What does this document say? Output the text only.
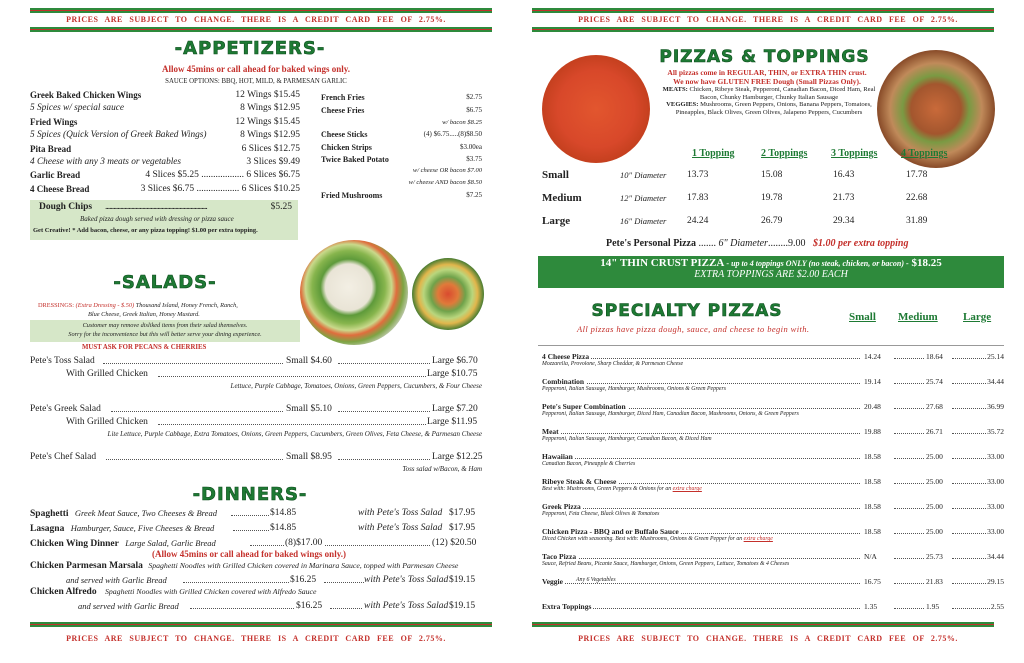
PRICES ARE SUBJECT TO CHANGE. THERE IS A CREDIT CARD FEE OF 2.75%.
-APPETIZERS-
Allow 45mins or call ahead for baked wings only.
SAUCE OPTIONS: BBQ, HOT, MILD, & PARMESAN GARLIC
Greek Baked Chicken Wings	12 Wings $15.45
5 Spices w/ special sauce	8 Wings $12.95
Fried Wings	12 Wings $15.45
5 Spices (Quick Version of Greek Baked Wings)	8 Wings $12.95
Pita Bread	6 Slices $12.75
4 Cheese with any 3 meats or vegetables	3 Slices $9.49
Garlic Bread	4 Slices $5.25 .................. 6 Slices $6.75
4 Cheese Bread	3 Slices $6.75 .................. 6 Slices $10.25
French Fries	$2.75
Cheese Fries	$6.75
w/ bacon $8.25
Cheese Sticks	(4) $6.75.....(8)$8.50
Chicken Strips	$3.00ea
Twice Baked Potato	$3.75
w/ cheese OR bacon $7.00
w/ cheese AND bacon $8.50
Fried Mushrooms	$7.25
Dough Chips ..........................................................................	$5.25
Baked pizza dough served with dressing or pizza sauce
Get Creative! * Add bacon, cheese, or any pizza topping! $1.00 per extra topping.
-SALADS-
DRESSINGS: (Extra Dressing - $.50) Thousand Island, Honey French, Ranch,
Blue Cheese, Greek Italian, Honey Mustard.
Customer may remove disliked items from their salad themselves.
Sorry for the inconvenience but this will better serve your dining experience.
MUST ASK FOR PECANS & CHERRIES
Pete's Toss Salad	Small $4.60	Large $6.70
With Grilled Chicken	Large $10.75
Lettuce, Purple Cabbage, Tomatoes, Onions, Green Peppers, Cucumbers, & Four Cheese
Pete's Greek Salad	Small $5.10	Large $7.20
With Grilled Chicken	Large $11.95
Lite Lettuce, Purple Cabbage, Extra Tomatoes, Onions, Green Peppers, Cucumbers, Green Olives, Feta Cheese, & Parmesan Cheese
Pete's Chef Salad	Small $8.95	Large $12.25
Toss salad w/Bacon, & Ham
-DINNERS-
Spaghetti Greek Meat Sauce, Two Cheeses & Bread	$14.85	with Pete's Toss Salad $17.95
Lasagna Hamburger, Sauce, Five Cheeses & Bread	$14.85	with Pete's Toss Salad $17.95
Chicken Wing Dinner Large Salad, Garlic Bread	(8)$17.00	(12) $20.50
(Allow 45mins or call ahead for baked wings only.)
Chicken Parmesan Marsala Spaghetti Noodles with Grilled Chicken covered in Marinara Sauce, topped with Parmesan Cheese
and served with Garlic Bread	$16.25	with Pete's Toss Salad $19.15
Chicken Alfredo Spaghetti Noodles with Grilled Chicken covered with Alfredo Sauce
and served with Garlic Bread	$16.25	with Pete's Toss Salad $19.15
PRICES ARE SUBJECT TO CHANGE. THERE IS A CREDIT CARD FEE OF 2.75%.
PRICES ARE SUBJECT TO CHANGE. THERE IS A CREDIT CARD FEE OF 2.75%.
PIZZAS & TOPPINGS
All pizzas come in REGULAR, THIN, or EXTRA THIN crust.
We now have GLUTEN FREE Dough (Small Pizzas Only).
MEATS: Chicken, Ribeye Steak, Pepperoni, Canadian Bacon, Diced Ham, Real Bacon, Chunky Hamburger, Chunky Italian Sausage
VEGGIES: Mushrooms, Green Peppers, Onions, Banana Peppers, Tomatoes, Pineapples, Black Olives, Green Olives, Jalapeno Peppers, Cucumbers
1 Topping	2 Toppings 3 Toppings 4 Toppings
Small	10" Diameter 13.73	15.08	16.43	17.78
Medium	12" Diameter 17.83	19.78	21.73	22.68
Large	16" Diameter 24.24	26.79	29.34	31.89
Pete's Personal Pizza ....... 6" Diameter........9.00 $1.00 per extra topping
14" THIN CRUST PIZZA - up to 4 toppings ONLY (no steak, chicken, or bacon) - $18.25
EXTRA TOPPINGS ARE $2.00 EACH
SPECIALTY PIZZAS
All pizzas have pizza dough, sauce, and cheese to begin with.
Small Medium Large
4 Cheese Pizza	14.24	18.64	25.14
Mozzarella, Provolone, Sharp Cheddar, & Parmesan Cheese
Combination	19.14	25.74	34.44
Pepperoni, Italian Sausage, Hamburger, Mushrooms, Onions & Green Peppers
Pete's Super Combination	20.48	27.68	36.99
Pepperoni, Italian Sausage, Hamburger, Diced Ham, Canadian Bacon, Mushrooms, Onions, & Green Peppers
Meat	19.88	26.71	35.72
Pepperoni, Italian Sausage, Hamburger, Canadian Bacon, & Diced Ham
Hawaiian	18.58	25.00	33.00
Canadian Bacon, Pineapple & Cherries
Ribeye Steak & Cheese	18.58	25.00	33.00
Best with: Mushrooms, Green Peppers & Onions for an extra charge
Greek Pizza	18.58	25.00	33.00
Pepperoni, Feta Cheese, Black Olives & Tomatoes
Chicken Pizza - BBQ and or Buffalo Sauce	18.58	25.00	33.00
Diced Chicken with seasoning. Best with: Mushrooms, Onions & Green Pepper for an extra charge
Taco Pizza	N/A	25.73	34.44
Sauce, Refried Beans, Picante Sauce, Hamburger, Onions, Green Peppers, Lettuce, Tomatoes & 4 Cheeses
Veggie	16.75	21.83	29.15
Any 6 Vegetables
Extra Toppings	1.35	1.95	2.55
PRICES ARE SUBJECT TO CHANGE. THERE IS A CREDIT CARD FEE OF 2.75%.
